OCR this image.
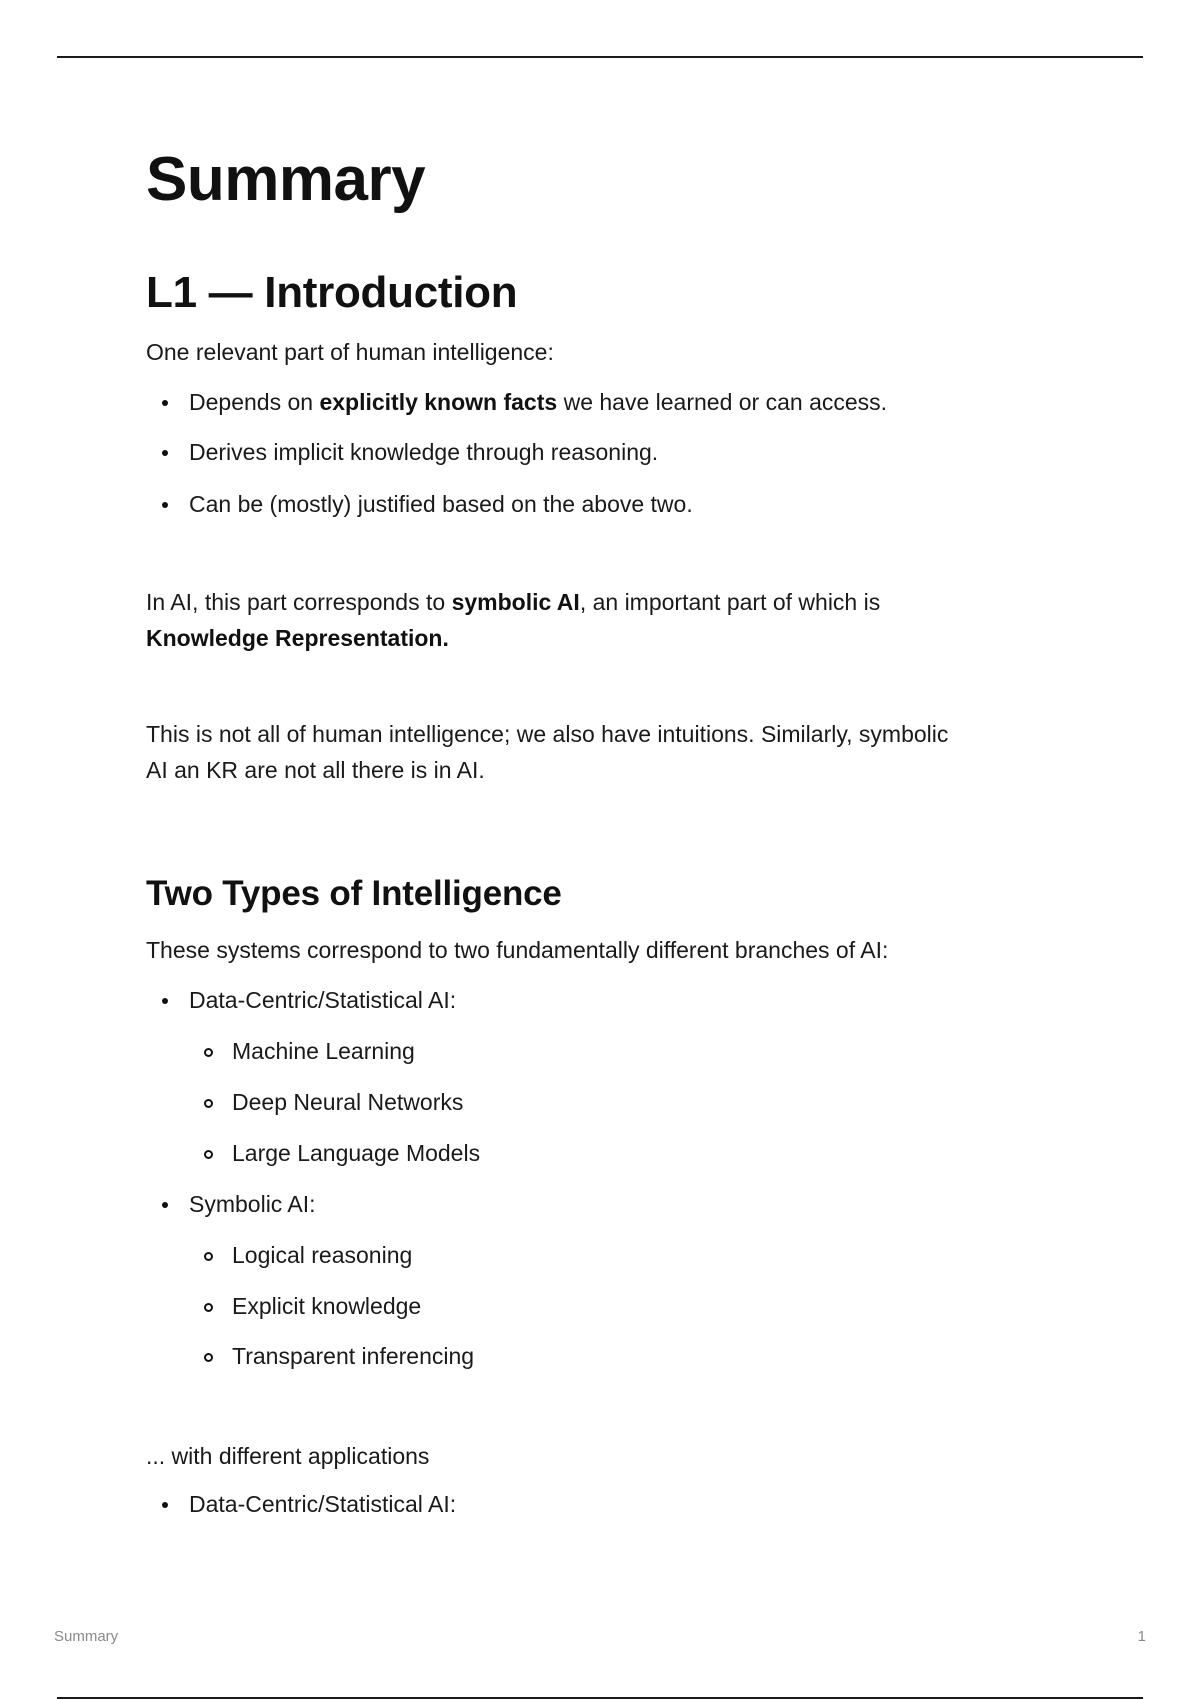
Summary
L1 — Introduction
One relevant part of human intelligence:
Depends on explicitly known facts we have learned or can access.
Derives implicit knowledge through reasoning.
Can be (mostly) justified based on the above two.
In AI, this part corresponds to symbolic AI, an important part of which is
Knowledge Representation.
This is not all of human intelligence; we also have intuitions. Similarly, symbolic
AI an KR are not all there is in AI.
Two Types of Intelligence
These systems correspond to two fundamentally different branches of AI:
Data-Centric/Statistical AI:
Machine Learning
Deep Neural Networks
Large Language Models
Symbolic AI:
Logical reasoning
Explicit knowledge
Transparent inferencing
... with different applications
Data-Centric/Statistical AI:
Summary	1
